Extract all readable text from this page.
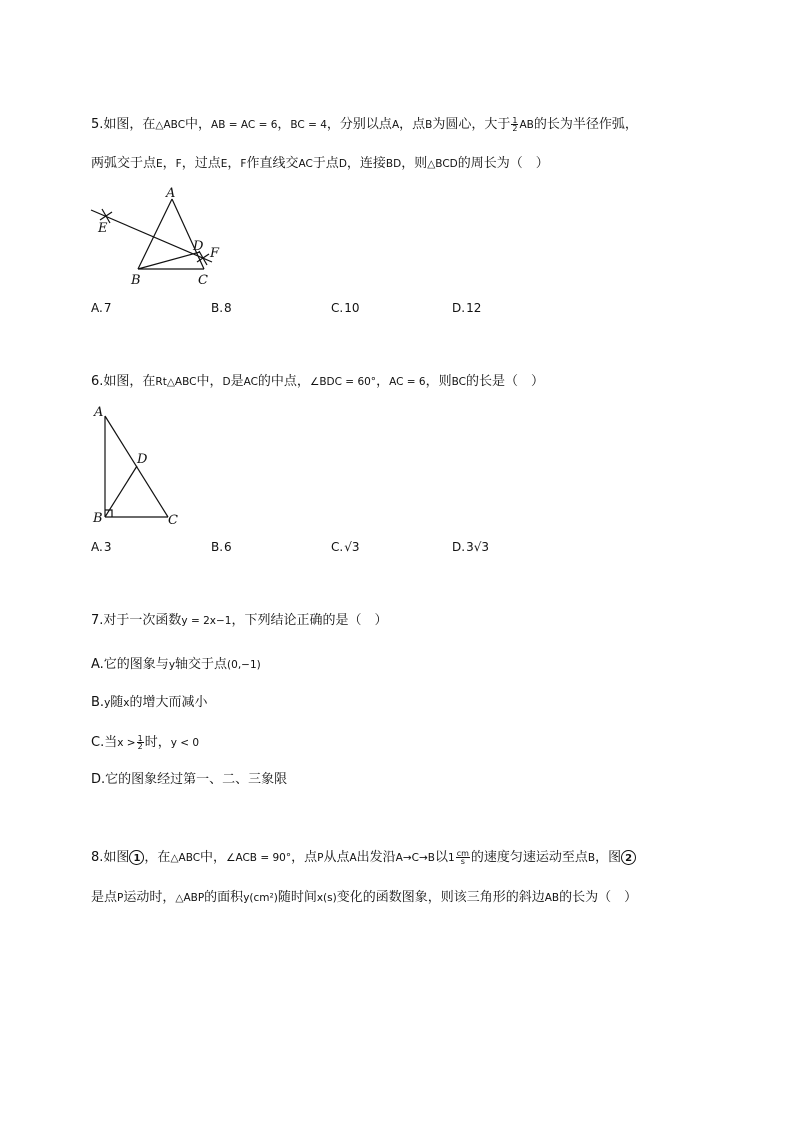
5.如图，在△ABC中，AB = AC = 6，BC = 4，分别以点A，点B为圆心，大于 $\frac{1}{2}$ AB的长为半径作弧，
两弧交于点E，F，过点E，F作直线交AC于点D，连接BD，则△BCD的周长为（　）
A
B	C
D
E
F
A.7	B.8	C.10	D.12
6.如图，在Rt△ABC中，D是AC的中点，∠BDC = 60°，AC = 6，则BC的长是（　）
A
B	C
D
A.3	B.6	C.√3	D.3√3
7.对于一次函数y = 2x−1，下列结论正确的是（　）
A.它的图象与y轴交于点(0,−1)
B.y随x的增大而减小
C.当$x > \frac{1}{2}$ 时，y < 0
D.它的图象经过第一、二、三象限
8.如图 1 ，在△ABC中，∠ACB = 90°，点P从点A出发沿A→C→B以$1 \frac{cm}{s}$ 的速度匀速运动至点B，图 2
是点P运动时，△ABP的面积y(cm²)随时间x(s)变化的函数图象，则该三角形的斜边AB的长为（　）
